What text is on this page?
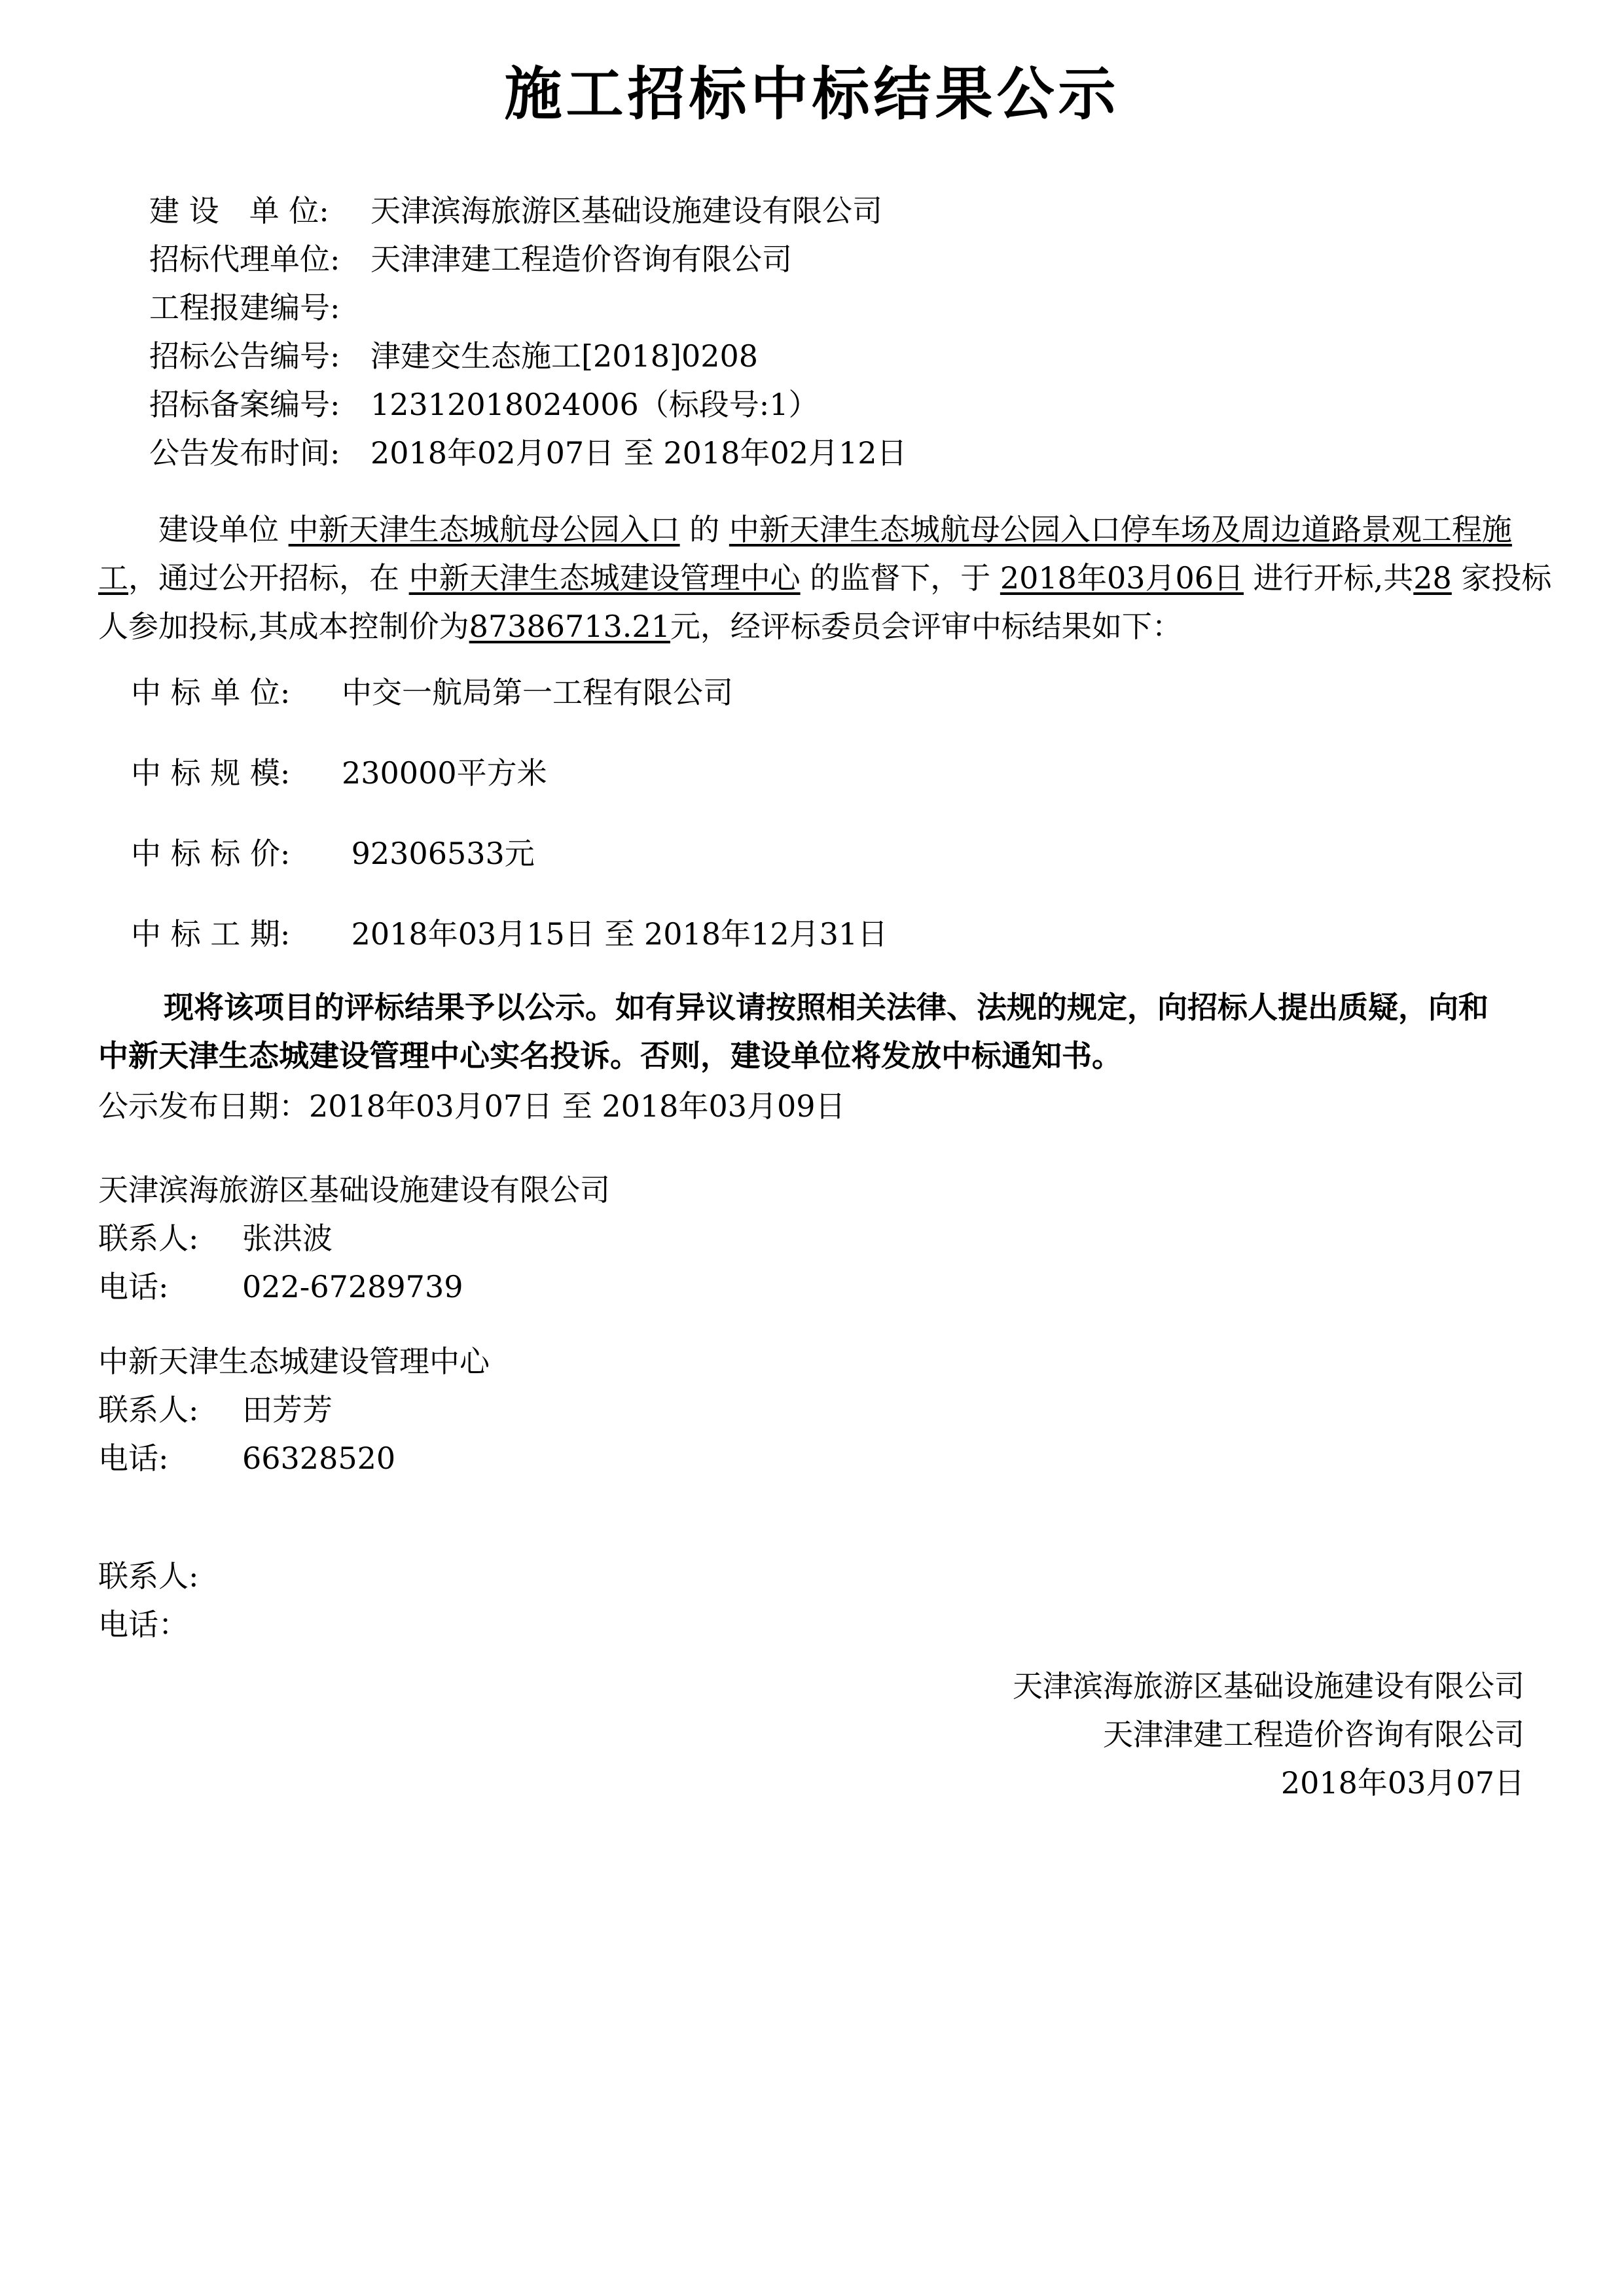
施工招标中标结果公示
建 设　单 位: 天津滨海旅游区基础设施建设有限公司
招标代理单位: 天津津建工程造价咨询有限公司
工程报建编号:
招标公告编号: 津建交生态施工[2018]0208
招标备案编号: 12312018024006（标段号:1）
公告发布时间: 2018年02月07日 至 2018年02月12日
建设单位 中新天津生态城航母公园入口 的 中新天津生态城航母公园入口停车场及周边道路景观工程施工，通过公开招标，在 中新天津生态城建设管理中心 的监督下，于 2018年03月06日 进行开标,共28 家投标人参加投标,其成本控制价为87386713.21元，经评标委员会评审中标结果如下：
中 标 单 位: 中交一航局第一工程有限公司
中 标 规 模: 230000平方米
中 标 标 价: 92306533元
中 标 工 期: 2018年03月15日 至 2018年12月31日
现将该项目的评标结果予以公示。如有异议请按照相关法律、法规的规定，向招标人提出质疑，向和中新天津生态城建设管理中心实名投诉。否则，建设单位将发放中标通知书。
公示发布日期：2018年03月07日 至 2018年03月09日
天津滨海旅游区基础设施建设有限公司
联系人: 张洪波
电话: 022-67289739
中新天津生态城建设管理中心
联系人: 田芳芳
电话: 66328520
联系人:
电话：
天津滨海旅游区基础设施建设有限公司
天津津建工程造价咨询有限公司
2018年03月07日
